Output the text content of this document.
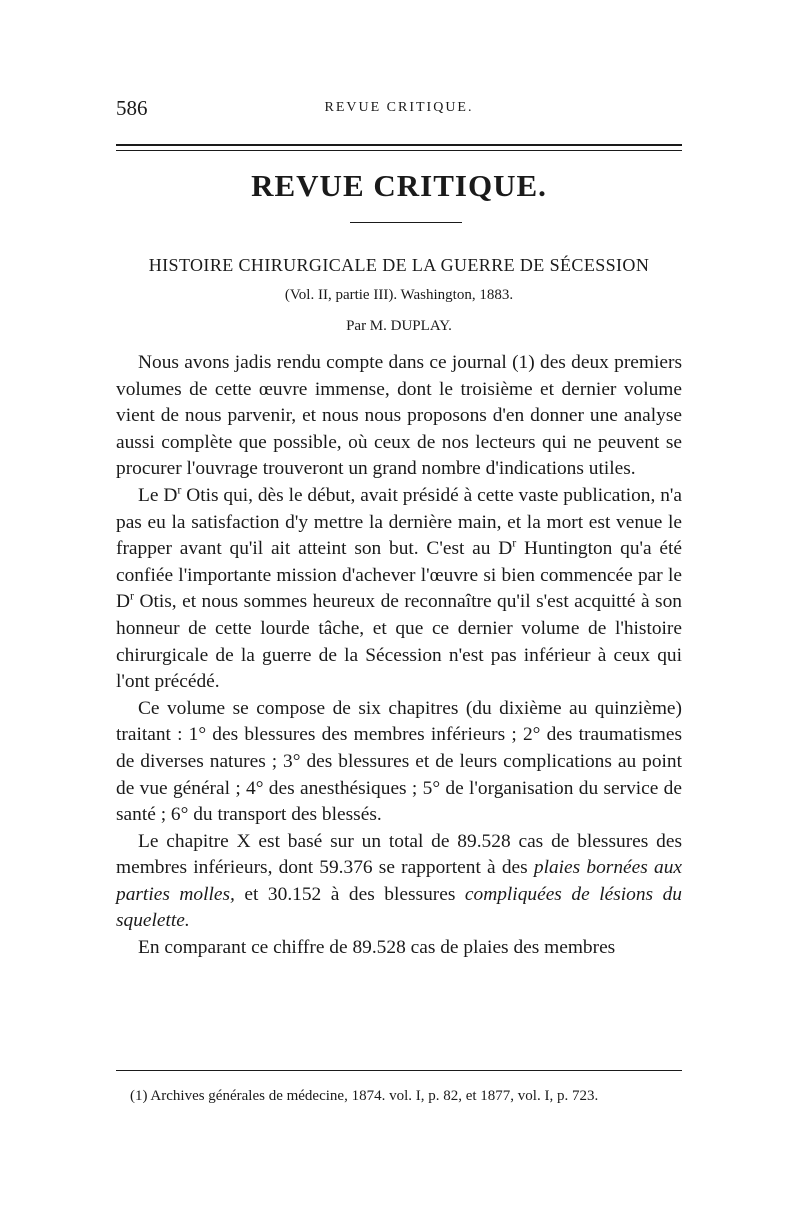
586	REVUE CRITIQUE.
REVUE CRITIQUE.
HISTOIRE CHIRURGICALE DE LA GUERRE DE SÉCESSION
(Vol. II, partie III). Washington, 1883.
Par M. DUPLAY.

Nous avons jadis rendu compte dans ce journal (1) des deux premiers volumes de cette œuvre immense, dont le troisième et dernier volume vient de nous parvenir, et nous nous proposons d'en donner une analyse aussi complète que possible, où ceux de nos lecteurs qui ne peuvent se procurer l'ouvrage trouveront un grand nombre d'indications utiles.

Le $D^r$ Otis qui, dès le début, avait présidé à cette vaste publication, n'a pas eu la satisfaction d'y mettre la dernière main, et la mort est venue le frapper avant qu'il ait atteint son but. C'est au $D^r$ Huntington qu'a été confiée l'importante mission d'achever l'œuvre si bien commencée par le $D^r$ Otis, et nous sommes heureux de reconnaître qu'il s'est acquitté à son honneur de cette lourde tâche, et que ce dernier volume de l'histoire chirurgicale de la guerre de la Sécession n'est pas inférieur à ceux qui l'ont précédé.

Ce volume se compose de six chapitres (du dixième au quinzième) traitant : 1° des blessures des membres inférieurs ; 2° des traumatismes de diverses natures ; 3° des blessures et de leurs complications au point de vue général ; 4° des anesthésiques ; 5° de l'organisation du service de santé ; 6° du transport des blessés.

Le chapitre X est basé sur un total de 89.528 cas de blessures des membres inférieurs, dont 59.376 se rapportent à des plaies bornées aux parties molles, et 30.152 à des blessures compliquées de lésions du squelette.

En comparant ce chiffre de 89.528 cas de plaies des membres

(1) Archives générales de médecine, 1874. vol. I, p. 82, et 1877, vol. I, p. 723.
